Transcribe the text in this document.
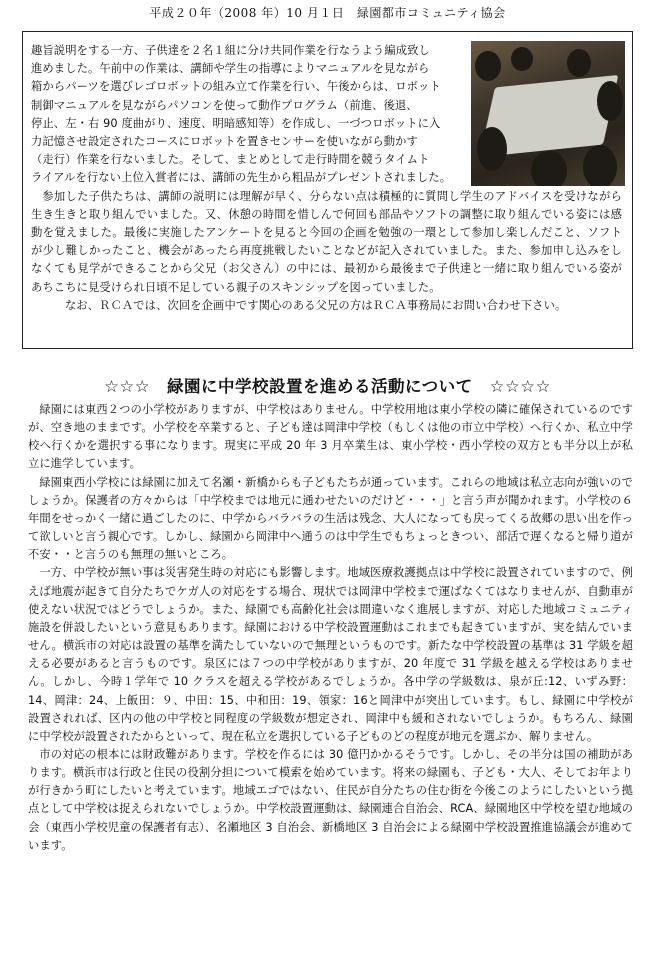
平成２０年（2008 年）10 月１日　緑園都市コミュニティ協会

趣旨説明をする一方、子供達を２名１組に分け共同作業を行なうよう編成致し

進めました。午前中の作業は、講師や学生の指導によりマニュアルを見ながら

箱からパーツを選びレゴロボットの組み立て作業を行い、午後からは、ロボット

制御マニュアルを見ながらパソコンを使って動作プログラム（前進、後退、

停止、左・右 90 度曲がり、速度、明暗感知等）を作成し、一づつロボットに入

力記憶させ設定されたコースにロボットを置きセンサーを使いながら動かす

（走行）作業を行ないました。そして、まとめとして走行時間を競うタイムト

ライアルを行ない上位入賞者には、講師の先生から粗品がプレゼントされました。

参加した子供たちは、講師の説明には理解が早く、分らない点は積極的に質問し学生のアドバイスを受けながら生き生きと取り組んでいました。又、休憩の時間を惜しんで何回も部品やソフトの調整に取り組んでいる姿には感動を覚えました。最後に実施したアンケートを見ると今回の企画を勉強の一環として参加し楽しんだこと、ソフトが少し難しかったこと、機会があったら再度挑戦したいことなどが記入されていました。また、参加申し込みをしなくても見学ができることから父兄（お父さん）の中には、最初から最後まで子供達と一緒に取り組んでいる姿があちこちに見受けられ日頃不足している親子のスキンシップを図っていました。

なお、ＲＣＡでは、次回を企画中です関心のある父兄の方はＲＣＡ事務局にお問い合わせ下さい。

☆☆☆　緑園に中学校設置を進める活動について　☆☆☆☆

緑園には東西２つの小学校がありますが、中学校はありません。中学校用地は東小学校の隣に確保されているのですが、空き地のままです。小学校を卒業すると、子ども達は岡津中学校（もしくは他の市立中学校）へ行くか、私立中学校へ行くかを選択する事になります。現実に平成 20 年 3 月卒業生は、東小学校・西小学校の双方とも半分以上が私立に進学しています。

緑園東西小学校には緑園に加えて名瀬・新橋からも子どもたちが通っています。これらの地域は私立志向が強いのでしょうか。保護者の方々からは「中学校までは地元に通わせたいのだけど・・・」と言う声が聞かれます。小学校の６年間をせっかく一緒に過ごしたのに、中学からバラバラの生活は残念、大人になっても戻ってくる故郷の思い出を作って欲しいと言う親心です。しかし、緑園から岡津中へ通うのは中学生でもちょっときつい、部活で遅くなると帰り道が不安・・と言うのも無理の無いところ。

一方、中学校が無い事は災害発生時の対応にも影響します。地域医療救護拠点は中学校に設置されていますので、例えば地震が起きて自分たちでケガ人の対応をする場合、現状では岡津中学校まで運ばなくてはなりませんが、自動車が使えない状況ではどうでしょうか。また、緑園でも高齢化社会は間違いなく進展しますが、対応した地域コミュニティ施設を併設したいという意見もあります。緑園における中学校設置運動はこれまでも起きていますが、実を結んでいません。横浜市の対応は設置の基準を満たしていないので無理というものです。新たな中学校設置の基準は 31 学級を超える必要があると言うものです。泉区には７つの中学校がありますが、20 年度で 31 学級を越える学校はありません。しかし、今時１学年で 10 クラスを超える学校があるでしょうか。各中学の学級数は、泉が丘:12、いずみ野：14、岡津：24、上飯田：９、中田：15、中和田：19、領家：16と岡津中が突出しています。もし、緑園に中学校が設置されれば、区内の他の中学校と同程度の学級数が想定され、岡津中も緩和されないでしょうか。もちろん、緑園に中学校が設置されたからといって、現在私立を選択している子どものどの程度が地元を選ぶか、解りません。

市の対応の根本には財政難があります。学校を作るには 30 億円かかるそうです。しかし、その半分は国の補助があります。横浜市は行政と住民の役割分担について模索を始めています。将来の緑園も、子ども・大人、そしてお年よりが行きかう町にしたいと考えています。地域エゴではない、住民が自分たちの住む街を今後このようにしたいという拠点として中学校は捉えられないでしょうか。中学校設置運動は、緑園連合自治会、RCA、緑園地区中学校を望む地域の会（東西小学校児童の保護者有志）、名瀬地区 3 自治会、新橋地区 3 自治会による緑園中学校設置推進協議会が進めています。
